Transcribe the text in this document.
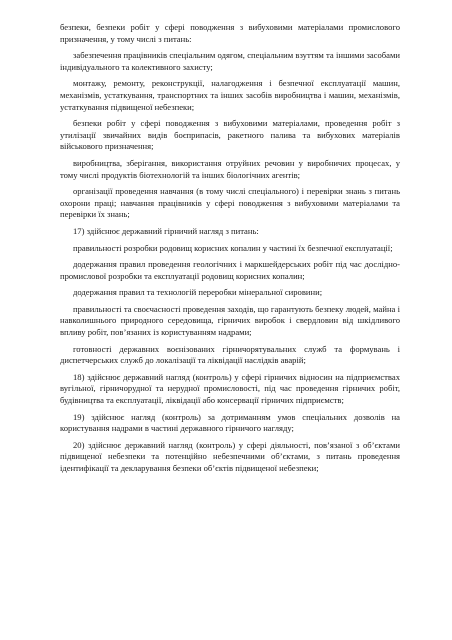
безпеки, безпеки робіт у сфері поводження з вибуховими матеріалами промислового призначення, у тому числі з питань:

забезпечення працівників спеціальним одягом, спеціальним взуттям та іншими засобами індивідуального та колективного захисту;

монтажу, ремонту, реконструкції, налагодження і безпечної експлуатації машин, механізмів, устаткування, транспортних та інших засобів виробництва і машин, механізмів, устаткування підвищеної небезпеки;

безпеки робіт у сфері поводження з вибуховими матеріалами, проведення робіт з утилізації звичайних видів боєприпасів, ракетного палива та вибухових матеріалів військового призначення;

виробництва, зберігання, використання отруйних речовин у виробничих процесах, у тому числі продуктів біотехнологій та інших біологічних агентів;

організації проведення навчання (в тому числі спеціального) і перевірки знань з питань охорони праці; навчання працівників у сфері поводження з вибуховими матеріалами та перевірки їх знань;

17) здійснює державний гірничий нагляд з питань:

правильності розробки родовищ корисних копалин у частині їх безпечної експлуатації;

додержання правил проведення геологічних і маркшейдерських робіт під час дослідно-промислової розробки та експлуатації родовищ корисних копалин;

додержання правил та технологій переробки мінеральної сировини;

правильності та своєчасності проведення заходів, що гарантують безпеку людей, майна і навколишнього природного середовища, гірничих виробок і свердловин від шкідливого впливу робіт, пов’язаних із користуванням надрами;

готовності державних воєнізованих гірничорятувальних служб та формувань і диспетчерських служб до локалізації та ліквідації наслідків аварій;

18) здійснює державний нагляд (контроль) у сфері гірничих відносин на підприємствах вугільної, гірничорудної та нерудної промисловості, під час проведення гірничих робіт, будівництва та експлуатації, ліквідації або консервації гірничих підприємств;

19) здійснює нагляд (контроль) за дотриманням умов спеціальних дозволів на користування надрами в частині державного гірничого нагляду;

20) здійснює державний нагляд (контроль) у сфері діяльності, пов’язаної з об’єктами підвищеної небезпеки та потенційно небезпечними об’єктами, з питань проведення ідентифікації та декларування безпеки об’єктів підвищеної небезпеки;
